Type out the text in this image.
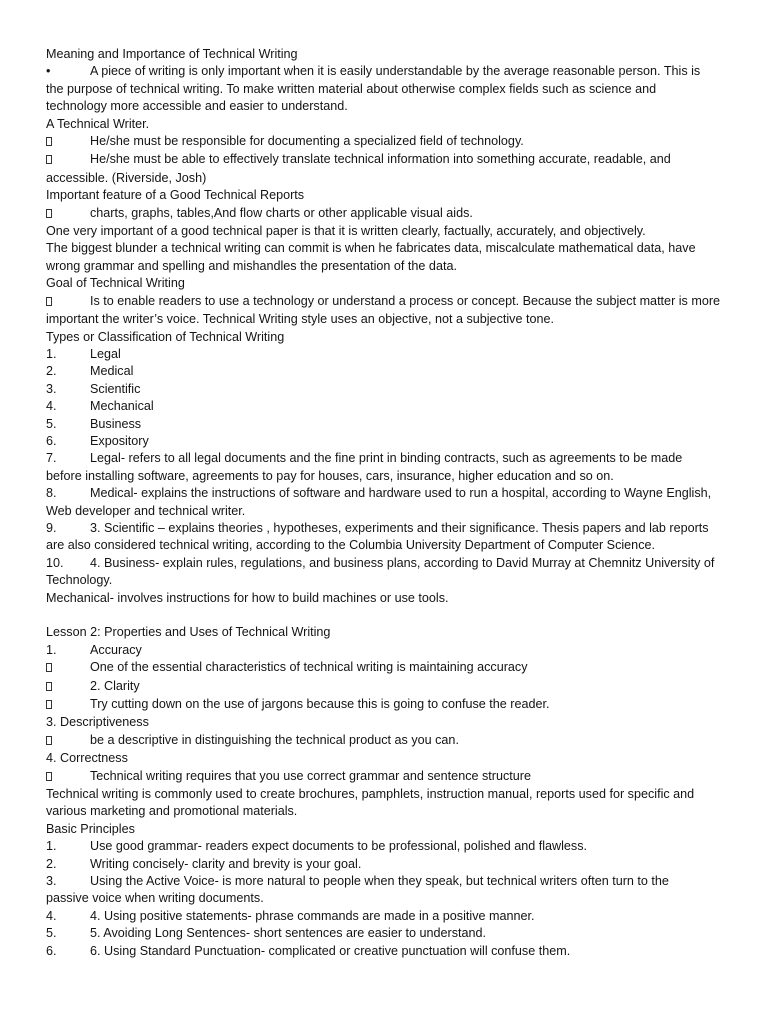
Meaning and Importance of Technical Writing
•	A piece of writing is only important when it is easily understandable by the average reasonable person. This is
the purpose of technical writing. To make written material about otherwise complex fields such as science and
technology more accessible and easier to understand.
A Technical Writer.
He/she must be responsible for documenting a specialized field of technology.
He/she must be able to effectively translate technical information into something accurate, readable, and
accessible. (Riverside, Josh)
Important feature of a Good Technical Reports
charts, graphs, tables,And flow charts or other applicable visual aids.
One very important of a good technical paper is that it is written clearly, factually, accurately, and objectively.
The biggest blunder a technical writing can commit is when he fabricates data, miscalculate mathematical data, have
wrong grammar and spelling and mishandles the presentation of the data.
Goal of Technical Writing
Is to enable readers to use a technology or understand a process or concept. Because the subject matter is more
important the writer’s voice. Technical Writing style uses an objective, not a subjective tone.
Types or Classification of Technical Writing
1.	Legal
2.	Medical
3.	Scientific
4.	Mechanical
5.	Business
6.	Expository
7.	Legal- refers to all legal documents and the fine print in binding contracts, such as agreements to be made
before installing software, agreements to pay for houses, cars, insurance, higher education and so on.
8.	Medical- explains the instructions of software and hardware used to run a hospital, according to Wayne English,
Web developer and technical writer.
9.	3. Scientific – explains theories , hypotheses, experiments and their significance. Thesis papers and lab reports
are also considered technical writing, according to the Columbia University Department of Computer Science.
10.	4. Business- explain rules, regulations, and business plans, according to David Murray at Chemnitz University of
Technology.
Mechanical- involves instructions for how to build machines or use tools.
Lesson 2: Properties and Uses of Technical Writing
1.	Accuracy
One of the essential characteristics of technical writing is maintaining accuracy
2. Clarity
Try cutting down on the use of jargons because this is going to confuse the reader.
3. Descriptiveness
be a descriptive in distinguishing the technical product as you can.
4. Correctness
Technical writing requires that you use correct grammar and sentence structure
Technical writing is commonly used to create brochures, pamphlets, instruction manual, reports used for specific and
various marketing and promotional materials.
Basic Principles
1.	Use good grammar- readers expect documents to be professional, polished and flawless.
2.	Writing concisely- clarity and brevity is your goal.
3.	Using the Active Voice- is more natural to people when they speak, but technical writers often turn to the
passive voice when writing documents.
4.	4. Using positive statements- phrase commands are made in a positive manner.
5.	5. Avoiding Long Sentences- short sentences are easier to understand.
6.	6. Using Standard Punctuation- complicated or creative punctuation will confuse them.
